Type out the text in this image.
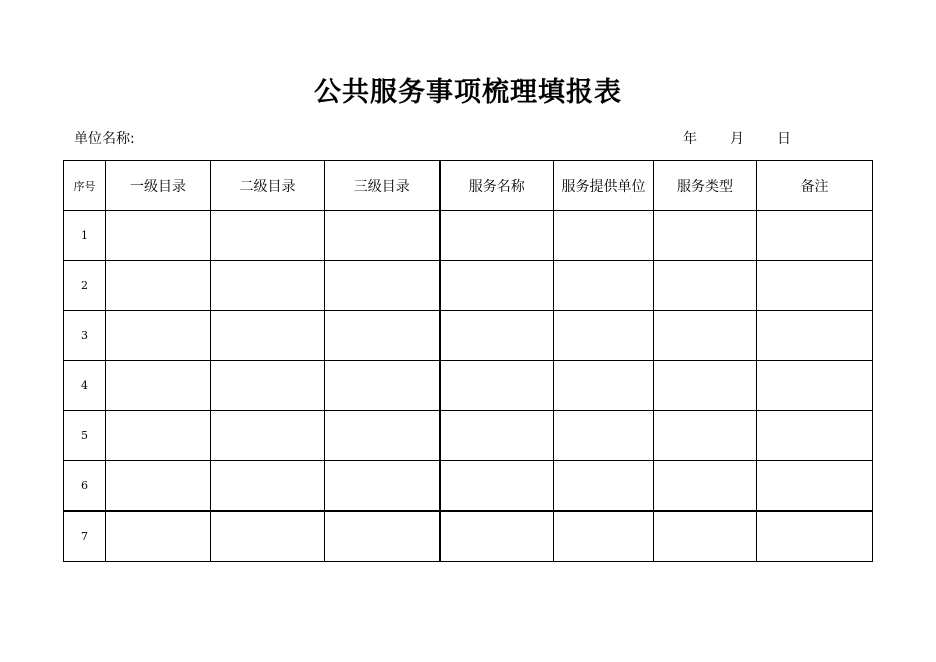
公共服务事项梳理填报表
单位名称:	年 月 日
序号	一级目录	二级目录	三级目录	服务名称	服务提供单位	服务类型	备注
1							
2							
3							
4							
5							
6							
7							
